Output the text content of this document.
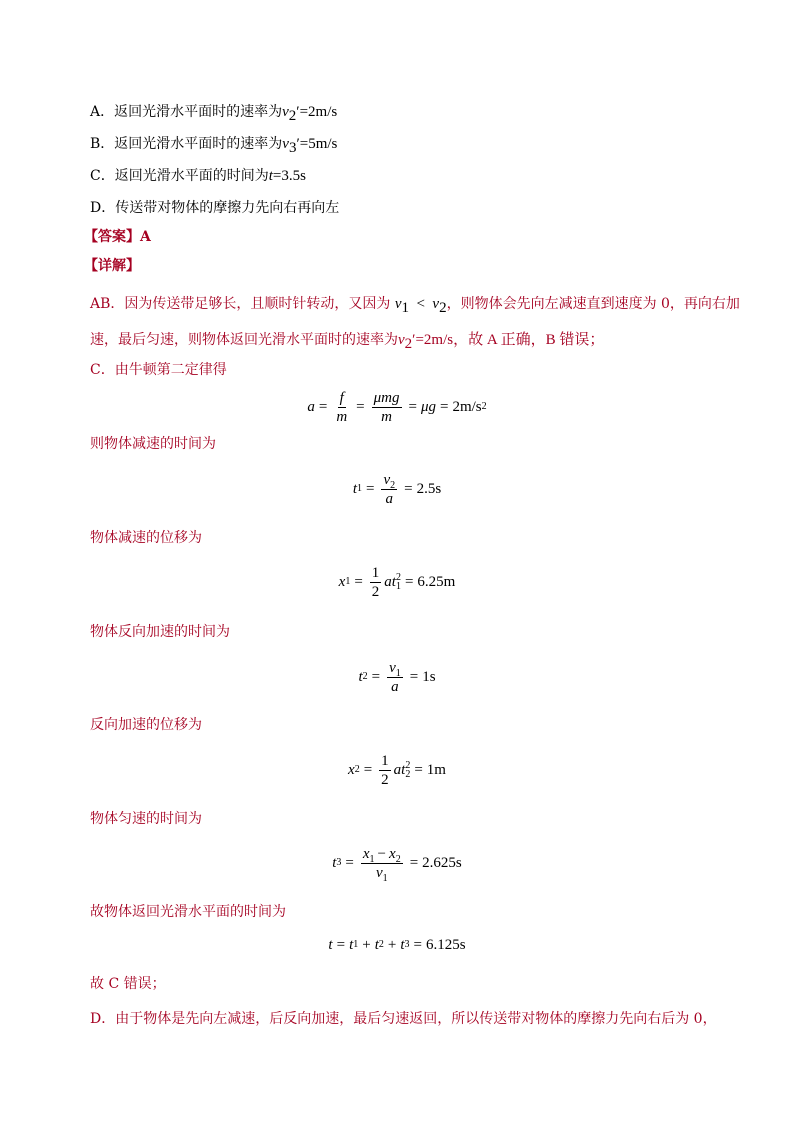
A．返回光滑水平面时的速率为$v_2'=2m/s$
B．返回光滑水平面时的速率为$v_3'=5m/s$
C．返回光滑水平面的时间为t=3.5s
D．传送带对物体的摩擦力先向右再向左
【答案】A
【详解】
AB．因为传送带足够长，且顺时针转动，又因为 $v_1 < v_2$，则物体会先向左减速直到速度为 0，再向右加
速，最后匀速，则物体返回光滑水平面时的速率为$v_2'=2m/s$，故 A 正确，B 错误；
C．由牛顿第二定律得
$a = \frac{f}{m} = \frac{\text{μmg}}{m} = \mu g = 2m/s$ 2
则物体减速的时间为
t $1 = \frac{v_2}{a} = 2.5s$
物体减速的位移为
x $1 = \frac{1}{2}$ at 2
1 = 6.25m
物体反向加速的时间为
t $2 = \frac{v_1}{a} = 1s$
反向加速的位移为
x $2 = \frac{1}{2}$ at 2
2 = 1m
物体匀速的时间为
t $3 = \frac{x_1 - x_2}{v_1} = 2.625s$
故物体返回光滑水平面的时间为
t = t 1 + t 2 + t 3 = 6.125s
故 C 错误；
D．由于物体是先向左减速，后反向加速，最后匀速返回，所以传送带对物体的摩擦力先向右后为 0，
